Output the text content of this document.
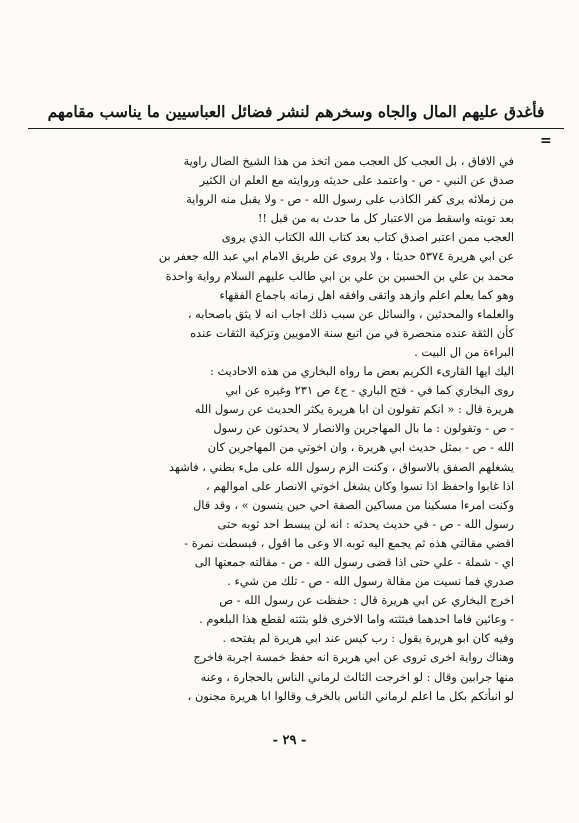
فأغدق عليهم المال والجاه وسخرهم لنشر فضائل العباسيين ما يناسب مقامهم
=

في الافاق ، بل العجب كل العجب ممن اتخذ من هذا الشيخ الضال راوية

صدق عن النبي - ص - واعتمد على حديثه وروايته مع العلم ان الكثير

من زملائه يرى كفر الكاذب على رسول الله - ص - ولا يقبل منه الرواية

بعد توبته واسقط من الاعتبار كل ما حدث به من قبل !!

العجب ممن اعتبر اصدق كتاب بعد كتاب الله الكتاب الذي يروى

عن ابي هريرة ٥٣٧٤ حديثا ، ولا يروى عن طريق الامام ابي عبد الله جعفر بن

محمد بن علي بن الحسين بن علي بن ابي طالب عليهم السلام رواية واحدة

وهو كما يعلم اعلم وازهد واتقى وافقه اهل زمانه باجماع الفقهاء

والعلماء والمحدثين ، والسائل عن سبب ذلك اجاب انه لا يثق باصحابه ،

كأن الثقة عنده منحصرة في من اتبع سنة الامويين وتزكية الثقات عنده

البراءة من ال البيت .

اليك ايها القارىء الكريم بعض ما رواه البخاري من هذه الاحاديث :

روى البخاري كما في - فتح الباري - ج٤ ص ٢٣١ وغيره عن ابي

هريرة قال : « انكم تقولون ان ابا هريرة يكثر الحديث عن رسول الله

- ص - وتقولون : ما بال المهاجرين والانصار لا يحدثون عن رسول

الله - ص - بمثل حديث ابي هريرة ، وان اخوتي من المهاجرين كان

يشغلهم الصفق بالاسواق ، وكنت الزم رسول الله على ملء بطني ، فاشهد

اذا غابوا واحفظ اذا نسوا وكان يشغل اخوتي الانصار على اموالهم ،

وكنت امرءا مسكينا من مساكين الصفة احي حين ينسون » ، وقد قال

رسول الله - ص - في حديث يحدثه : انه لن يبسط احد ثوبه حتى

اقضي مقالتي هذه ثم يجمع اليه ثوبه الا وعى ما اقول ، فبسطت نمرة -

اي - شملة - علي حتى اذا قضى رسول الله - ص - مقالته جمعتها الى

صدري فما نسيت من مقالة رسول الله - ص - تلك من شيء .

اخرج البخاري عن ابي هريرة قال : حفظت عن رسول الله - ص

- وعائين فاما احدهما فبثثته واما الاخرى فلو بثثته لقطع هذا البلعوم .

وفيه كان ابو هريرة يقول : رب كيس عند ابي هريرة لم يفتحه .

وهناك رواية اخرى تروى عن ابي هريرة انه حفظ خمسة اجربة فاخرج

منها جرابين وقال : لو اخرجت الثالث لرماني الناس بالحجارة ، وعنه

لو انبأتكم بكل ما اعلم لرماني الناس بالخرف وقالوا ابا هريرة مجنون ،

- ٢٩ -
